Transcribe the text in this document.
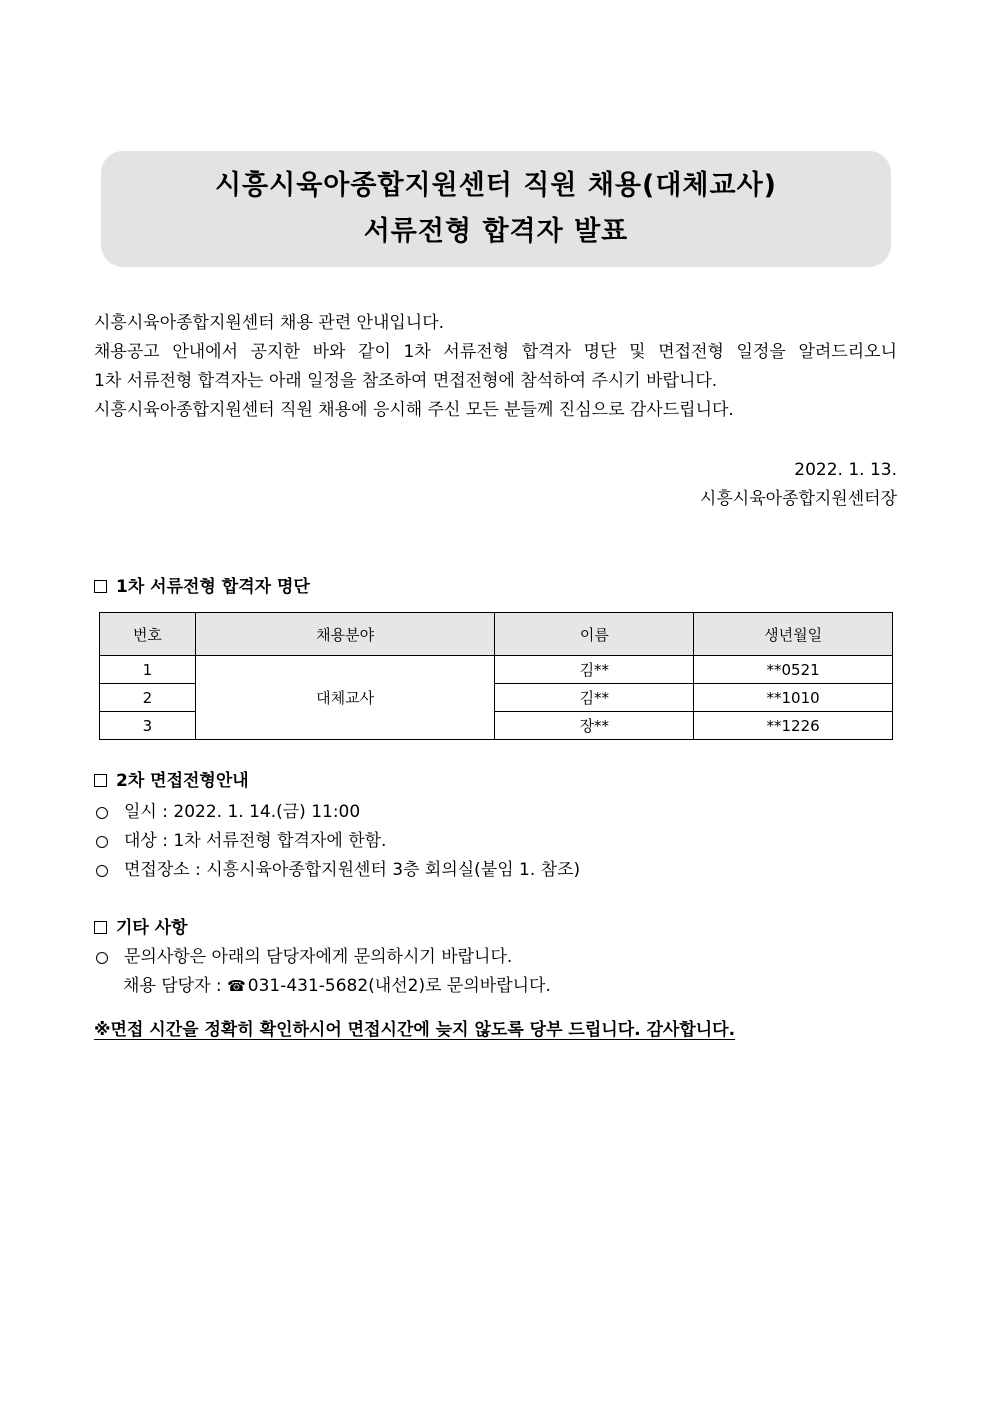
시흥시육아종합지원센터 직원 채용(대체교사)
서류전형 합격자 발표
시흥시육아종합지원센터 채용 관련 안내입니다.
채용공고 안내에서 공지한 바와 같이 1차 서류전형 합격자 명단 및 면접전형 일정을 알려드리오니
1차 서류전형 합격자는 아래 일정을 참조하여 면접전형에 참석하여 주시기 바랍니다.
시흥시육아종합지원센터 직원 채용에 응시해 주신 모든 분들께 진심으로 감사드립니다.
2022. 1. 13.
시흥시육아종합지원센터장
1차 서류전형 합격자 명단
번호	채용분야	이름	생년월일
1	대체교사	김**	**0521
2		김**	**1010
3		장**	**1226
2차 면접전형안내
일시 : 2022. 1. 14.(금) 11:00
대상 : 1차 서류전형 합격자에 한함.
면접장소 : 시흥시육아종합지원센터 3층 회의실(붙임 1. 참조)
기타 사항
문의사항은 아래의 담당자에게 문의하시기 바랍니다.
채용 담당자 : ☎ 031-431-5682(내선2)로 문의바랍니다.
※면접 시간을 정확히 확인하시어 면접시간에 늦지 않도록 당부 드립니다. 감사합니다.
